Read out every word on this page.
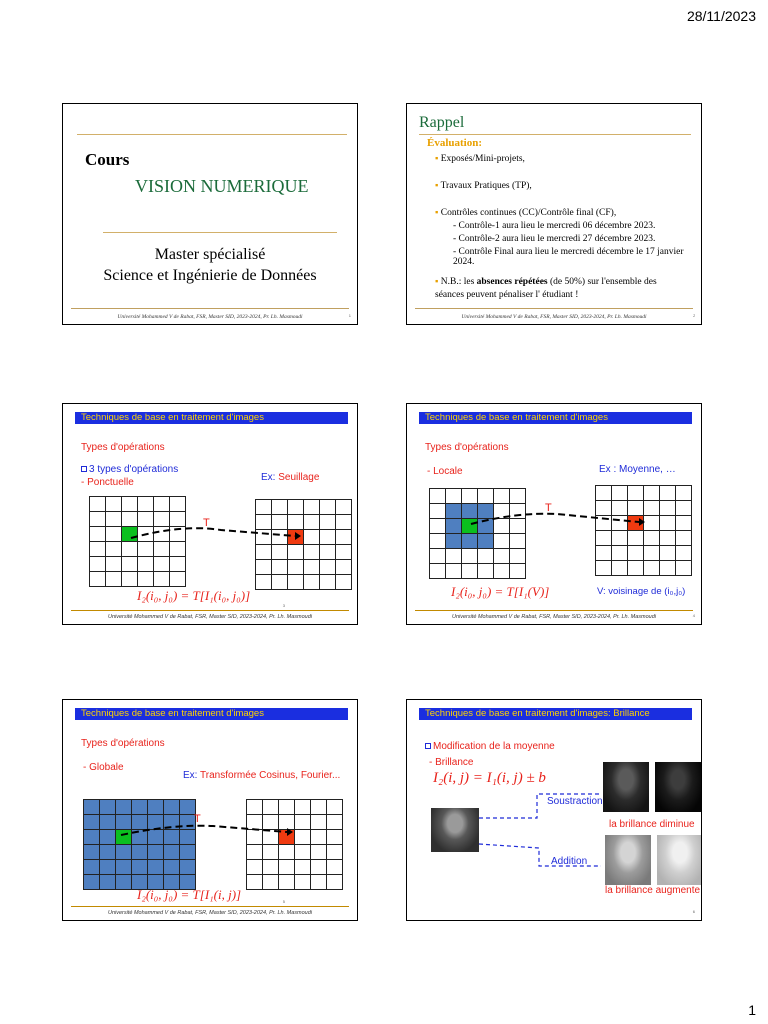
28/11/2023
Cours
VISION NUMERIQUE
Master spécialisé
Science et Ingénierie de Données
Université Mohammed V de Rabat, FSR, Master SID, 2023-2024, Pr. Lh. Masmoudi	1
Rappel
Évaluation:
▪ Exposés/Mini-projets,
▪ Travaux Pratiques (TP),
▪ Contrôles continues (CC)/Contrôle final (CF),
- Contrôle-1 aura lieu le mercredi 06 décembre 2023.
- Contrôle-2 aura lieu le mercredi 27 décembre 2023.
- Contrôle Final aura lieu le mercredi décembre le 17 janvier 2024.
▪ N.B.: les absences répétées (de 50%) sur l'ensemble des
séances peuvent pénaliser l' étudiant !
Université Mohammed V de Rabat, FSR, Master SID, 2023-2024, Pr. Lh. Masmoudi	2
Techniques de base en traitement d'images
Types d'opérations
3 types d'opérations
- Ponctuelle	Ex: Seuillage
T
I₂(i₀, j₀) = T[I₁(i₀, j₀)]
Université Mohammed V de Rabat, FSR, Master SID, 2023-2024, Pr. Lh. Masmoudi
3
Techniques de base en traitement d'images
Types d'opérations
- Locale	Ex : Moyenne, …
T
I₂(i₀, j₀) = T[I₁(V)]	V: voisinage de (i₀,j₀)
Université Mohammed V de Rabat, FSR, Master SID, 2023-2024, Pr. Lh. Masmoudi	4
Techniques de base en traitement d'images
Types d'opérations
- Globale
Ex: Transformée Cosinus, Fourier...
T
I₂(i₀, j₀) = T[I₁(i, j)]
Université Mohammed V de Rabat, FSR, Master SID, 2023-2024, Pr. Lh. Masmoudi
5
Techniques de base en traitement d'images: Brillance
Modification de la moyenne
- Brillance
I₂(i, j) = I₁(i, j) ± b
Soustraction
Addition
la brillance diminue
la brillance augmente
6
1
